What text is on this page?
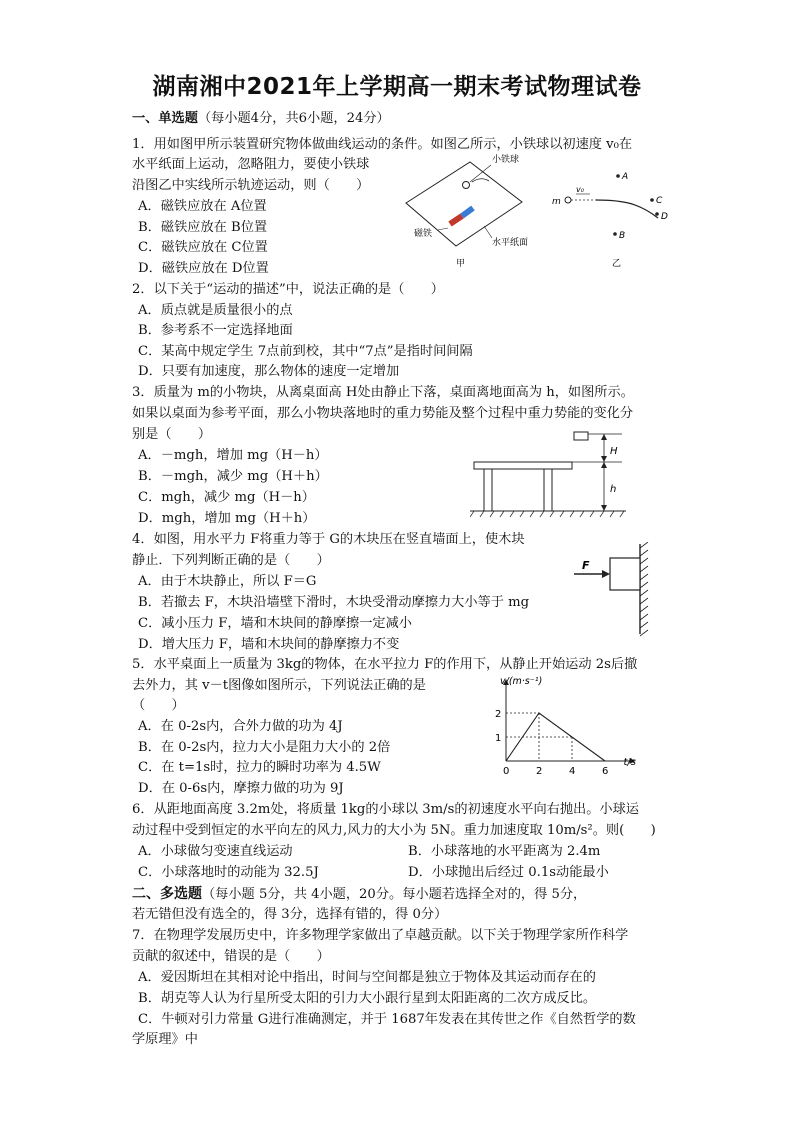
湖南湘中2021年上学期高一期末考试物理试卷
一、单选题（每小题4分，共6小题，24分）
1．用如图甲所示装置研究物体做曲线运动的条件。如图乙所示，小铁球以初速度 v₀在
水平纸面上运动，忽略阻力，要使小铁球
沿图乙中实线所示轨迹运动，则（　　）
A．磁铁应放在 A位置
B．磁铁应放在 B位置
C．磁铁应放在 C位置
D．磁铁应放在 D位置
小铁球
磁铁
水平纸面
甲
m
v₀
A
C
D
B
乙
2．以下关于“运动的描述”中，说法正确的是（　　）
A．质点就是质量很小的点
B．参考系不一定选择地面
C．某高中规定学生 7点前到校，其中“7点”是指时间间隔
D．只要有加速度，那么物体的速度一定增加
3．质量为 m的小物块，从离桌面高 H处由静止下落，桌面离地面高为 h，如图所示。
如果以桌面为参考平面，那么小物块落地时的重力势能及整个过程中重力势能的变化分
别是（　　）
A．－mgh，增加 mg（H－h）
B．－mgh，减少 mg（H＋h）
C．mgh，减少 mg（H－h）
D．mgh，增加 mg（H＋h）
H
h
4．如图，用水平力 F将重力等于 G的木块压在竖直墙面上，使木块
静止．下列判断正确的是（　　）
A．由于木块静止，所以 F＝G
B．若撤去 F，木块沿墙壁下滑时，木块受滑动摩擦力大小等于 mg
C．减小压力 F，墙和木块间的静摩擦一定减小
D．增大压力 F，墙和木块间的静摩擦力不变
F
5．水平桌面上一质量为 3kg的物体，在水平拉力 F的作用下，从静止开始运动 2s后撤
去外力，其 v－t图像如图所示，下列说法正确的是
（　　）
A．在 0-2s内，合外力做的功为 4J
B．在 0-2s内，拉力大小是阻力大小的 2倍
C．在 t=1s时，拉力的瞬时功率为 4.5W
D．在 0-6s内，摩擦力做的功为 9J
v/(m·s⁻¹)
t/s
0	2	4	6
1
2
6．从距地面高度 3.2m处，将质量 1kg的小球以 3m/s的初速度水平向右抛出。小球运
动过程中受到恒定的水平向左的风力,风力的大小为 5N。重力加速度取 10m/s²。则(　　)
A．小球做匀变速直线运动	B．小球落地的水平距离为 2.4m
C．小球落地时的动能为 32.5J	D．小球抛出后经过 0.1s动能最小
二、多选题（每小题 5分，共 4小题，20分。每小题若选择全对的，得 5分，
若无错但没有选全的，得 3分，选择有错的，得 0分）
7．在物理学发展历史中，许多物理学家做出了卓越贡献。以下关于物理学家所作科学
贡献的叙述中，错误的是（　　）
A．爱因斯坦在其相对论中指出，时间与空间都是独立于物体及其运动而存在的
B．胡克等人认为行星所受太阳的引力大小跟行星到太阳距离的二次方成反比。
C．牛顿对引力常量 G进行准确测定，并于 1687年发表在其传世之作《自然哲学的数
学原理》中
